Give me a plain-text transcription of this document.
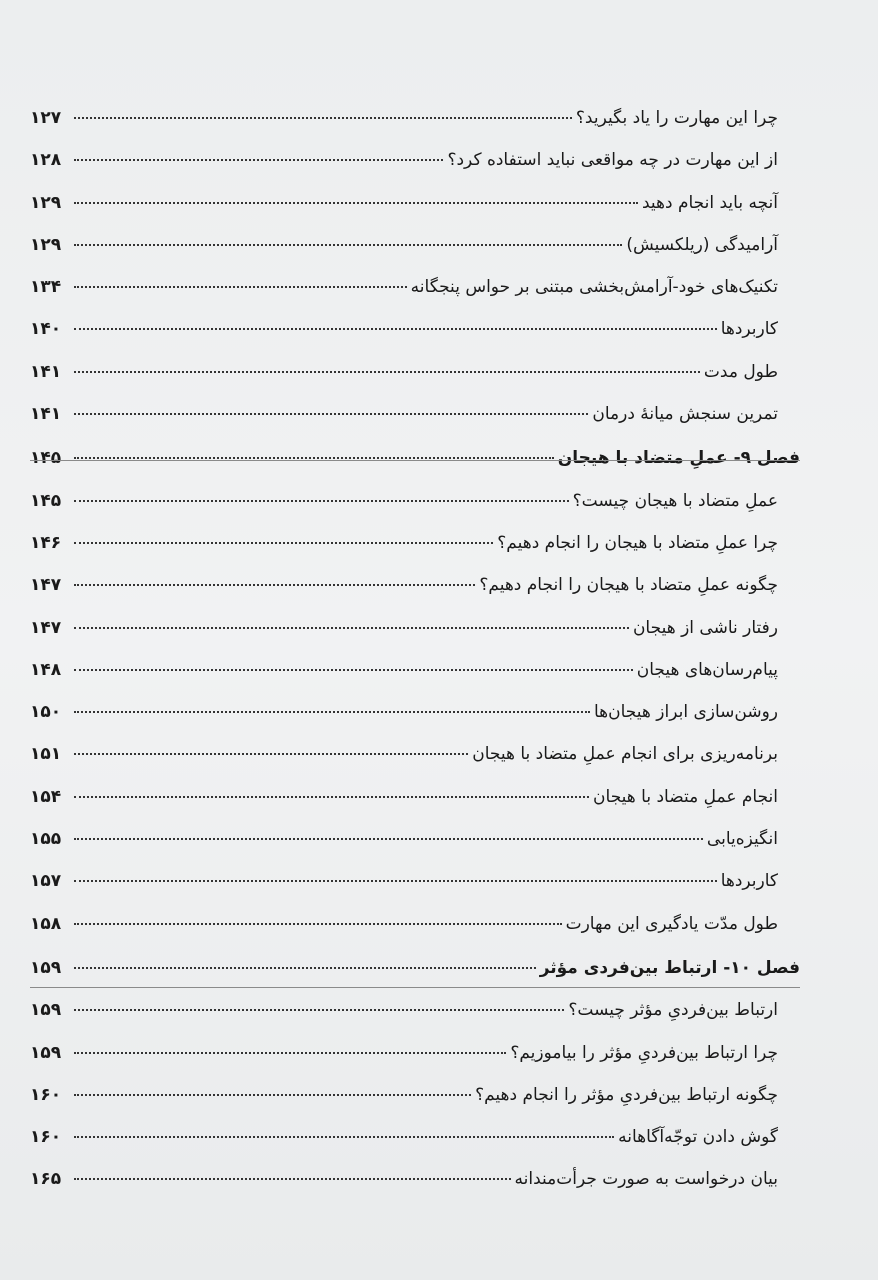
چرا این مهارت را یاد بگیرید؟
۱۲۷
از این مهارت در چه مواقعی نباید استفاده کرد؟
۱۲۸
آنچه باید انجام دهید
۱۲۹
آرامیدگی (ریلکسیش)
۱۲۹
تکنیک‌های خود-آرامش‌بخشی مبتنی بر حواس پنجگانه
۱۳۴
کاربردها
۱۴۰
طول مدت
۱۴۱
تمرین سنجش میانهٔ درمان
۱۴۱
فصل ۹- عملِ متضاد با هیجان
۱۴۵
عملِ متضاد با هیجان چیست؟
۱۴۵
چرا عملِ متضاد با هیجان را انجام دهیم؟
۱۴۶
چگونه عملِ متضاد با هیجان را انجام دهیم؟
۱۴۷
رفتار ناشی از هیجان
۱۴۷
پیام‌رسان‌های هیجان
۱۴۸
روشن‌سازی ابراز هیجان‌ها
۱۵۰
برنامه‌ریزی برای انجام عملِ متضاد با هیجان
۱۵۱
انجام عملِ متضاد با هیجان
۱۵۴
انگیزه‌یابی
۱۵۵
کاربردها
۱۵۷
طول مدّت یادگیری این مهارت
۱۵۸
فصل ۱۰- ارتباط بین‌فردی مؤثر
۱۵۹
ارتباط بین‌فردیِ مؤثر چیست؟
۱۵۹
چرا ارتباط بین‌فردیِ مؤثر را بیاموزیم؟
۱۵۹
چگونه ارتباط بین‌فردیِ مؤثر را انجام دهیم؟
۱۶۰
گوش دادن توجّه‌آگاهانه
۱۶۰
بیان درخواست به صورت جرأت‌مندانه
۱۶۵
